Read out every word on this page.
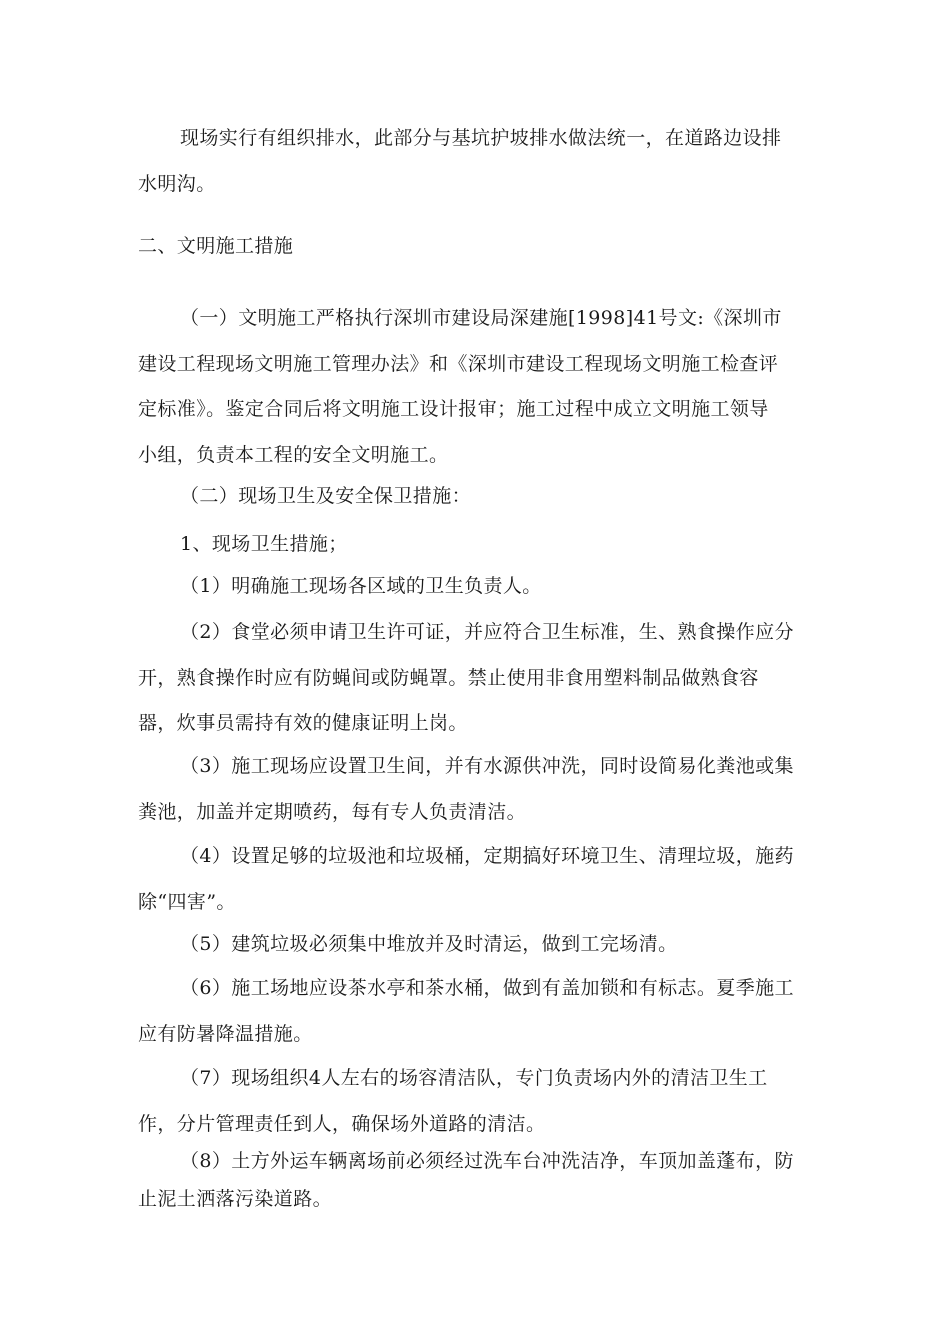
现场实行有组织排水，此部分与基坑护坡排水做法统一，在道路边设排
水明沟。
二、文明施工措施
（一）文明施工严格执行深圳市建设局深建施[1998]41号文:《深圳市
建设工程现场文明施工管理办法》和《深圳市建设工程现场文明施工检查评
定标准》。鉴定合同后将文明施工设计报审；施工过程中成立文明施工领导
小组，负责本工程的安全文明施工。
（二）现场卫生及安全保卫措施：
1、现场卫生措施；
（1）明确施工现场各区域的卫生负责人。
（2）食堂必须申请卫生许可证，并应符合卫生标准，生、熟食操作应分
开，熟食操作时应有防蝇间或防蝇罩。禁止使用非食用塑料制品做熟食容
器，炊事员需持有效的健康证明上岗。
（3）施工现场应设置卫生间，并有水源供冲洗，同时设简易化粪池或集
粪池，加盖并定期喷药，每有专人负责清洁。
（4）设置足够的垃圾池和垃圾桶，定期搞好环境卫生、清理垃圾，施药
除“四害”。
（5）建筑垃圾必须集中堆放并及时清运，做到工完场清。
（6）施工场地应设茶水亭和茶水桶，做到有盖加锁和有标志。夏季施工
应有防暑降温措施。
（7）现场组织4人左右的场容清洁队，专门负责场内外的清洁卫生工
作，分片管理责任到人，确保场外道路的清洁。
（8）土方外运车辆离场前必须经过洗车台冲洗洁净，车顶加盖蓬布，防
止泥土洒落污染道路。
